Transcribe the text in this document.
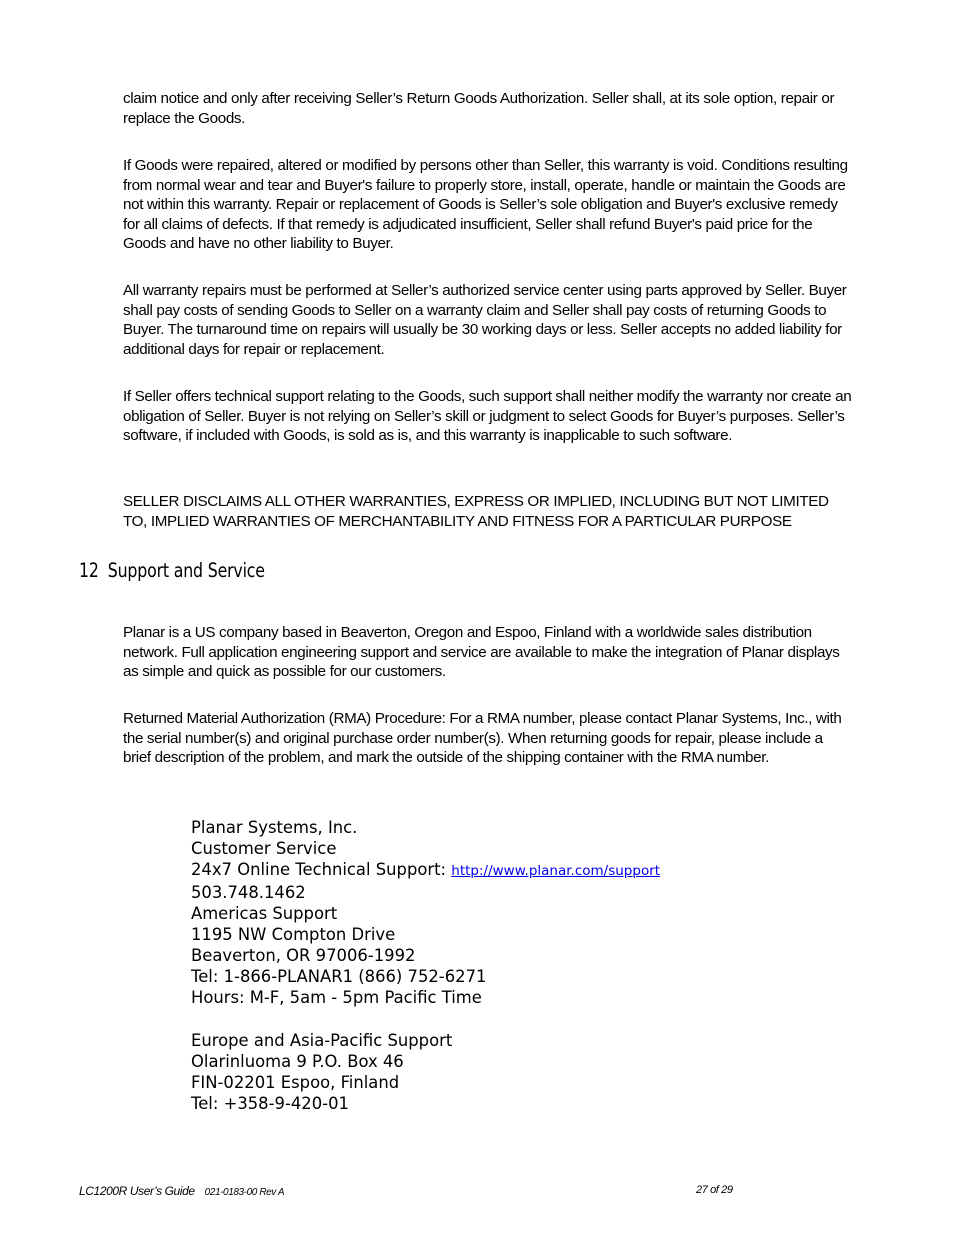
claim notice and only after receiving Seller’s Return Goods Authorization. Seller shall, at its sole option, repair or replace the Goods.

If Goods were repaired, altered or modified by persons other than Seller, this warranty is void. Conditions resulting from normal wear and tear and Buyer's failure to properly store, install, operate, handle or maintain the Goods are not within this warranty. Repair or replacement of Goods is Seller’s sole obligation and Buyer's exclusive remedy for all claims of defects. If that remedy is adjudicated insufficient, Seller shall refund Buyer's paid price for the Goods and have no other liability to Buyer.

All warranty repairs must be performed at Seller’s authorized service center using parts approved by Seller. Buyer shall pay costs of sending Goods to Seller on a warranty claim and Seller shall pay costs of returning Goods to Buyer. The turnaround time on repairs will usually be 30 working days or less. Seller accepts no added liability for additional days for repair or replacement.

If Seller offers technical support relating to the Goods, such support shall neither modify the warranty nor create an obligation of Seller. Buyer is not relying on Seller’s skill or judgment to select Goods for Buyer’s purposes. Seller’s software, if included with Goods, is sold as is, and this warranty is inapplicable to such software.

SELLER DISCLAIMS ALL OTHER WARRANTIES, EXPRESS OR IMPLIED, INCLUDING BUT NOT LIMITED TO, IMPLIED WARRANTIES OF MERCHANTABILITY AND FITNESS FOR A PARTICULAR PURPOSE

12 Support and Service

Planar is a US company based in Beaverton, Oregon and Espoo, Finland with a worldwide sales distribution network. Full application engineering support and service are available to make the integration of Planar displays as simple and quick as possible for our customers.

Returned Material Authorization (RMA) Procedure: For a RMA number, please contact Planar Systems, Inc., with the serial number(s) and original purchase order number(s). When returning goods for repair, please include a brief description of the problem, and mark the outside of the shipping container with the RMA number.

Planar Systems, Inc.
Customer Service
24x7 Online Technical Support: http://www.planar.com/support
503.748.1462
Americas Support
1195 NW Compton Drive
Beaverton, OR 97006-1992
Tel: 1-866-PLANAR1 (866) 752-6271
Hours: M-F, 5am - 5pm Pacific Time
Europe and Asia-Pacific Support
Olarinluoma 9 P.O. Box 46
FIN-02201 Espoo, Finland
Tel: +358-9-420-01
LC1200R User’s Guide 021-0183-00 Rev A	27 of 29
